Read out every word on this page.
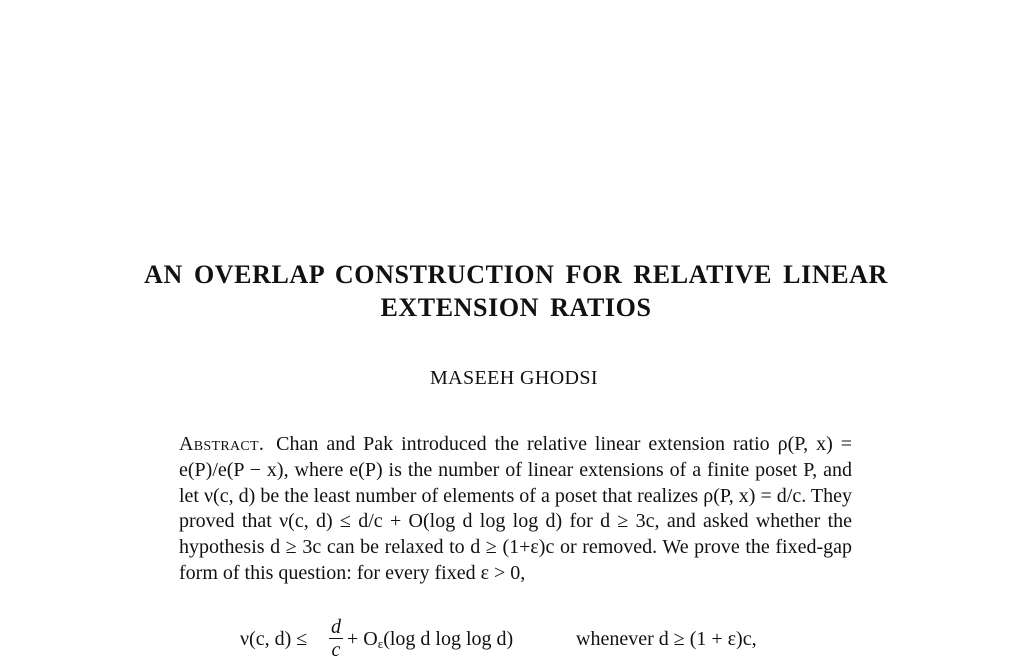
AN OVERLAP CONSTRUCTION FOR RELATIVE LINEAR
EXTENSION RATIOS
MASEEH GHODSI
Abstract. Chan and Pak introduced the relative linear extension ratio ρ(P, x) = e(P)/e(P − x), where e(P) is the number of linear extensions of a finite poset P, and let ν(c, d) be the least number of elements of a poset that realizes ρ(P, x) = d/c. They proved that ν(c, d) ≤ d/c + O(log d log log d) for d ≥ 3c, and asked whether the hypothesis d ≥ 3c can be relaxed to d ≥ (1+ε)c or removed. We prove the fixed-gap form of this question: for every fixed ε > 0,
ν(c, d) ≤
d
$c + O_\varepsilon(\log$ d log log d)	whenever d ≥ (1 + ε)c,
